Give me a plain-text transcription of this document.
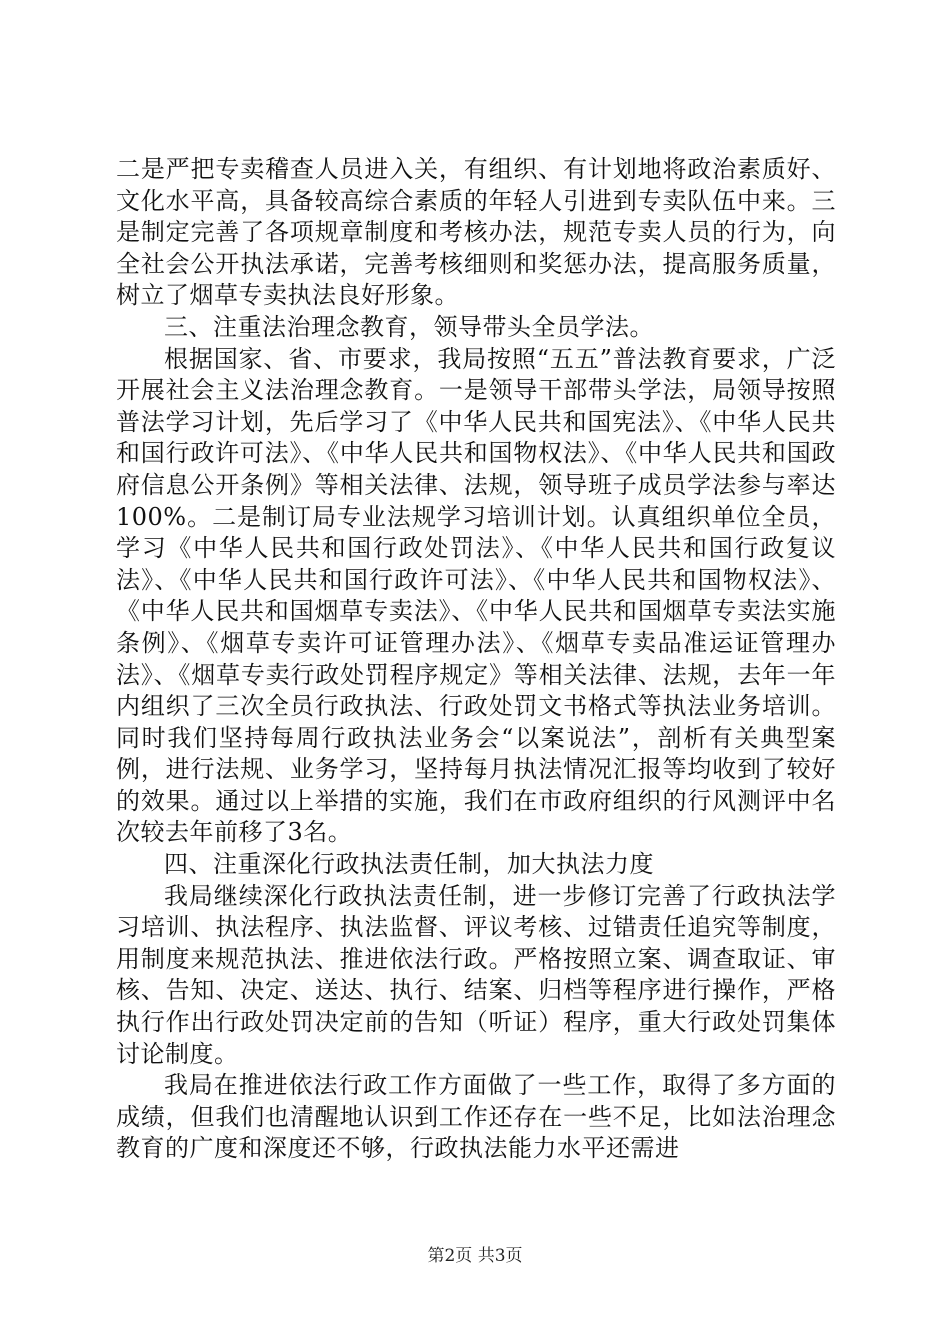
二是严把专卖稽查人员进入关，有组织、有计划地将政治素质好、文化水平高，具备较高综合素质的年轻人引进到专卖队伍中来。三是制定完善了各项规章制度和考核办法，规范专卖人员的行为，向全社会公开执法承诺，完善考核细则和奖惩办法，提高服务质量，树立了烟草专卖执法良好形象。

三、注重法治理念教育，领导带头全员学法。

根据国家、省、市要求，我局按照“五五”普法教育要求，广泛开展社会主义法治理念教育。一是领导干部带头学法，局领导按照普法学习计划，先后学习了《中华人民共和国宪法》、《中华人民共和国行政许可法》、《中华人民共和国物权法》、《中华人民共和国政府信息公开条例》等相关法律、法规，领导班子成员学法参与率达100%。二是制订局专业法规学习培训计划。认真组织单位全员，学习《中华人民共和国行政处罚法》、《中华人民共和国行政复议法》、《中华人民共和国行政许可法》、《中华人民共和国物权法》、《中华人民共和国烟草专卖法》、《中华人民共和国烟草专卖法实施条例》、《烟草专卖许可证管理办法》、《烟草专卖品准运证管理办法》、《烟草专卖行政处罚程序规定》等相关法律、法规，去年一年内组织了三次全员行政执法、行政处罚文书格式等执法业务培训。同时我们坚持每周行政执法业务会“以案说法”，剖析有关典型案例，进行法规、业务学习，坚持每月执法情况汇报等均收到了较好的效果。通过以上举措的实施，我们在市政府组织的行风测评中名次较去年前移了3名。

四、注重深化行政执法责任制，加大执法力度

我局继续深化行政执法责任制，进一步修订完善了行政执法学习培训、执法程序、执法监督、评议考核、过错责任追究等制度，用制度来规范执法、推进依法行政。严格按照立案、调查取证、审核、告知、决定、送达、执行、结案、归档等程序进行操作，严格执行作出行政处罚决定前的告知（听证）程序，重大行政处罚集体讨论制度。

我局在推进依法行政工作方面做了一些工作，取得了多方面的成绩，但我们也清醒地认识到工作还存在一些不足，比如法治理念教育的广度和深度还不够，行政执法能力水平还需进

第2页 共3页
